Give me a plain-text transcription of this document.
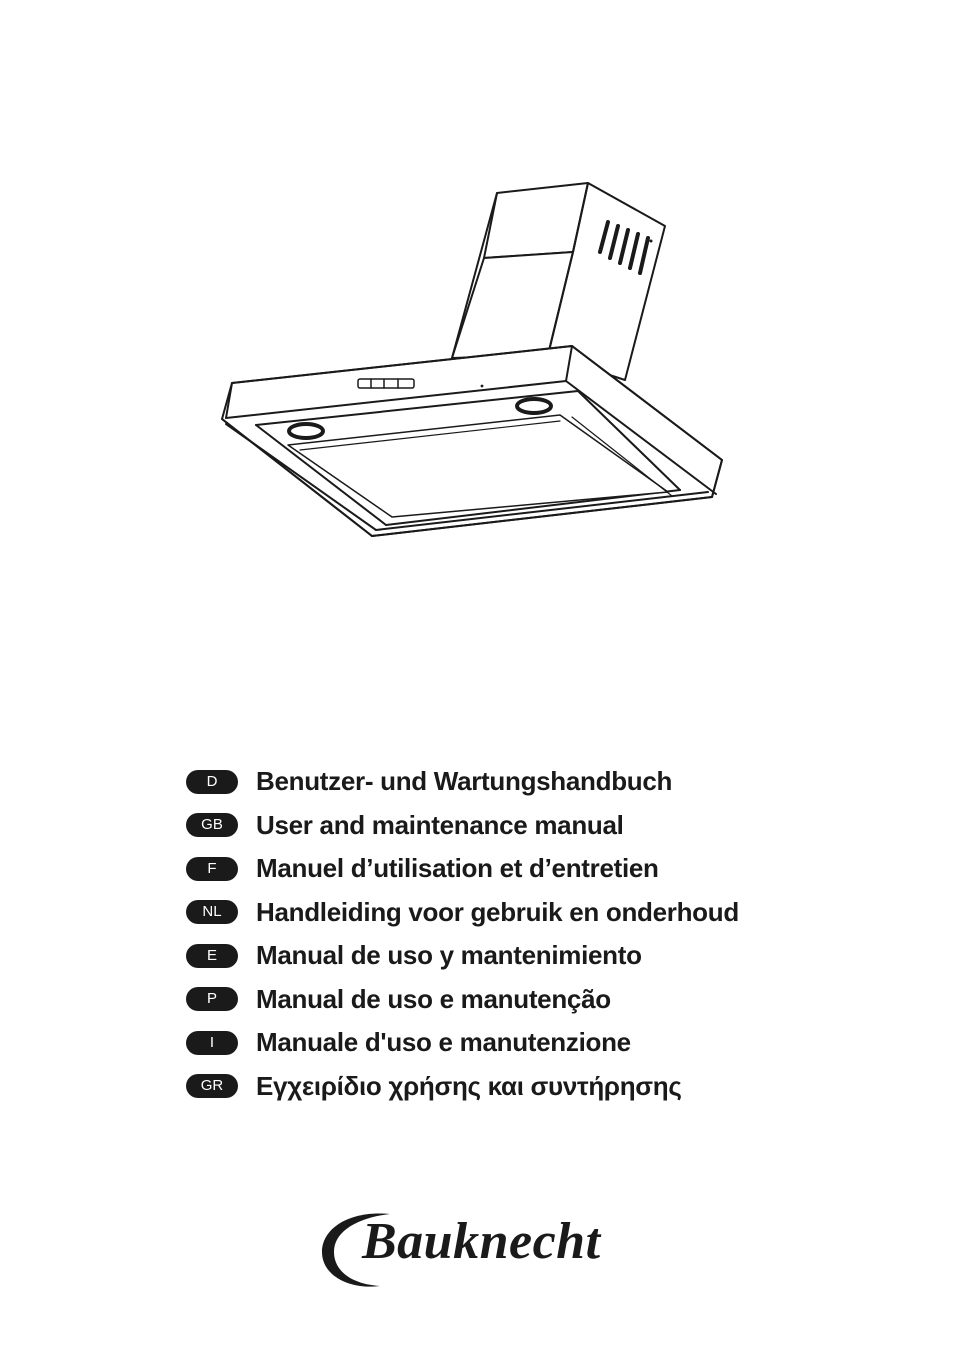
D	Benutzer- und Wartungshandbuch
GB	User and maintenance manual
F	Manuel d’utilisation et d’entretien
NL	Handleiding voor gebruik en onderhoud
E	Manual de uso y mantenimiento
P	Manual de uso e manutenção
I	Manuale d'uso e manutenzione
GR	Εγχειρίδιο χρήσης και συντήρησης
Bauknecht
